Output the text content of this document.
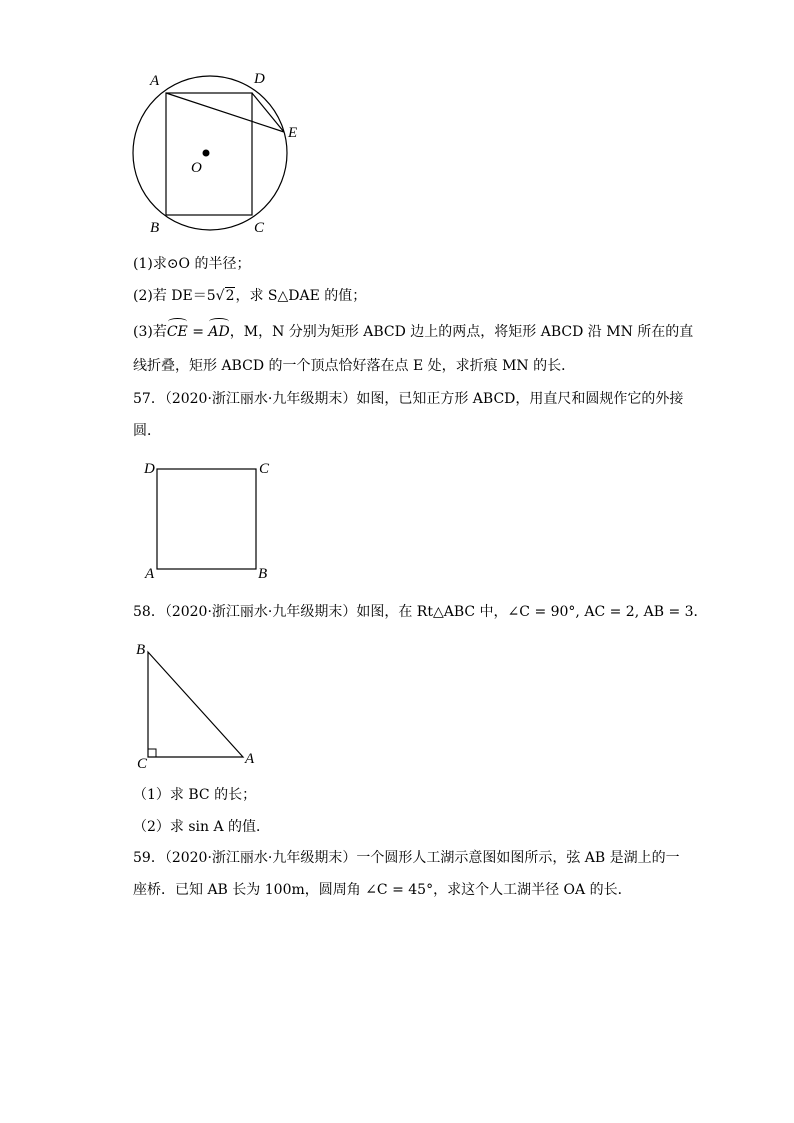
A	D
E
O
B	C
(1)求⊙O 的半径；
(2)若 DE＝5√2，求 S△DAE 的值；
(3)若
CE =
AD，M，N 分别为矩形 ABCD 边上的两点，将矩形 ABCD 沿 MN 所在的直
线折叠，矩形 ABCD 的一个顶点恰好落在点 E 处，求折痕 MN 的长．
57．（2020·浙江丽水·九年级期末）如图，已知正方形 ABCD，用直尺和圆规作它的外接
圆．
D	C
A	B
58．（2020·浙江丽水·九年级期末）如图，在 Rt△ABC 中，∠C = 90°, AC = 2, AB = 3．
B
C	A
（1）求 BC 的长；
（2）求 sin A 的值．
59．（2020·浙江丽水·九年级期末）一个圆形人工湖示意图如图所示，弦 AB 是湖上的一
座桥．已知 AB 长为 100m，圆周角 ∠C = 45°，求这个人工湖半径 OA 的长．
